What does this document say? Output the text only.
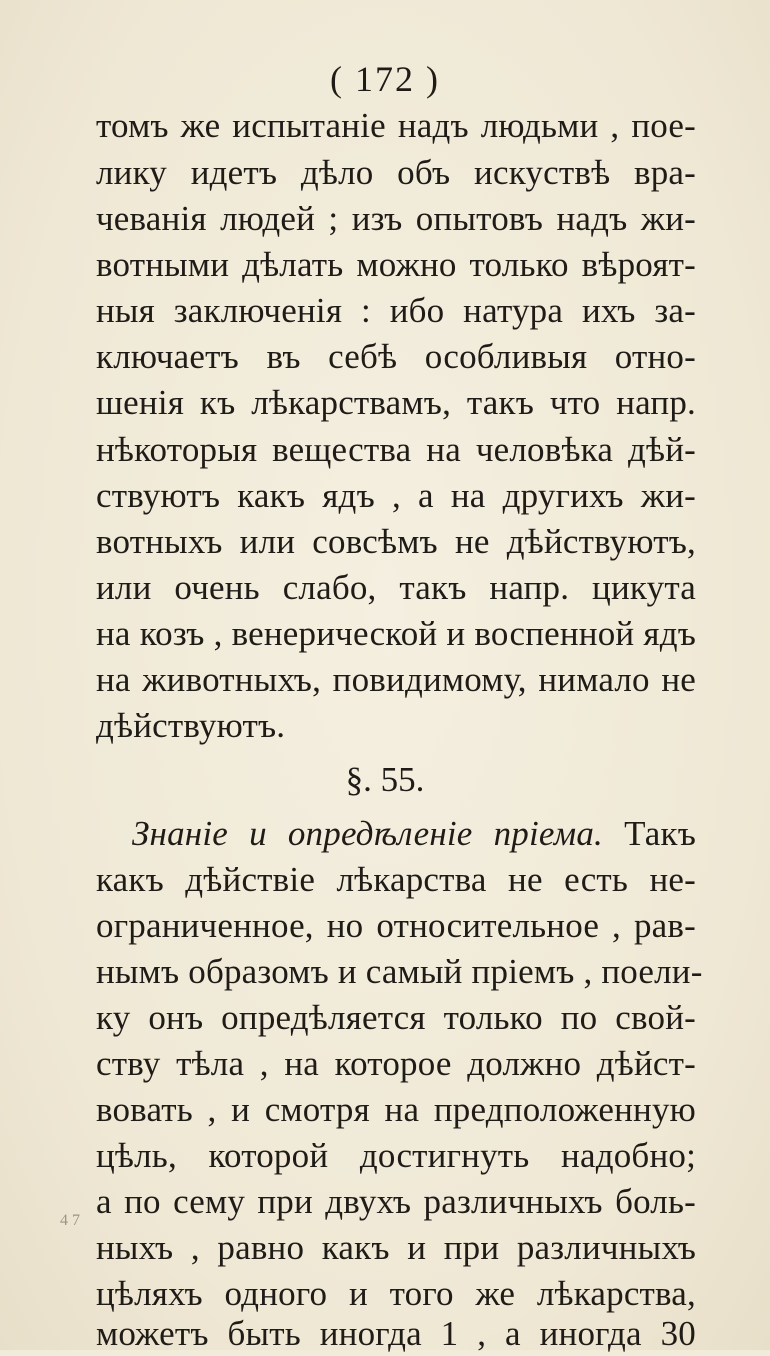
( 172 )
томъ же испытанiе надъ людьми , пое-
лику идетъ дѣло объ искуствѣ вра-
чеванiя людей ; изъ опытовъ надъ жи-
вотными дѣлать можно только вѣроят-
ныя заключенiя : ибо натура ихъ за-
ключаетъ въ себѣ особливыя отно-
шенiя къ лѣкарствамъ, такъ что напр.
нѣкоторыя вещества на человѣка дѣй-
ствуютъ какъ ядъ , а на другихъ жи-
вотныхъ или совсѣмъ не дѣйствуютъ,
или очень слабо, такъ напр. цикута
на козъ , венерической и воспенной ядъ
на животныхъ, повидимому, нимало не
дѣйствуютъ.
§. 55.
Знанiе и опредѣленiе прiема. Такъ
какъ дѣйствiе лѣкарства не есть не-
ограниченное, но относительное , рав-
нымъ образомъ и самый прiемъ , поели-
ку онъ опредѣляется только по свой-
ству тѣла , на которое должно дѣйст-
вовать , и смотря на предположенную
цѣль, которой достигнуть надобно;
а по сему при двухъ различныхъ боль-
ныхъ , равно какъ и при различныхъ
цѣляхъ одного и того же лѣкарства,
можетъ быть иногда 1 , а иногда 30
4 7
